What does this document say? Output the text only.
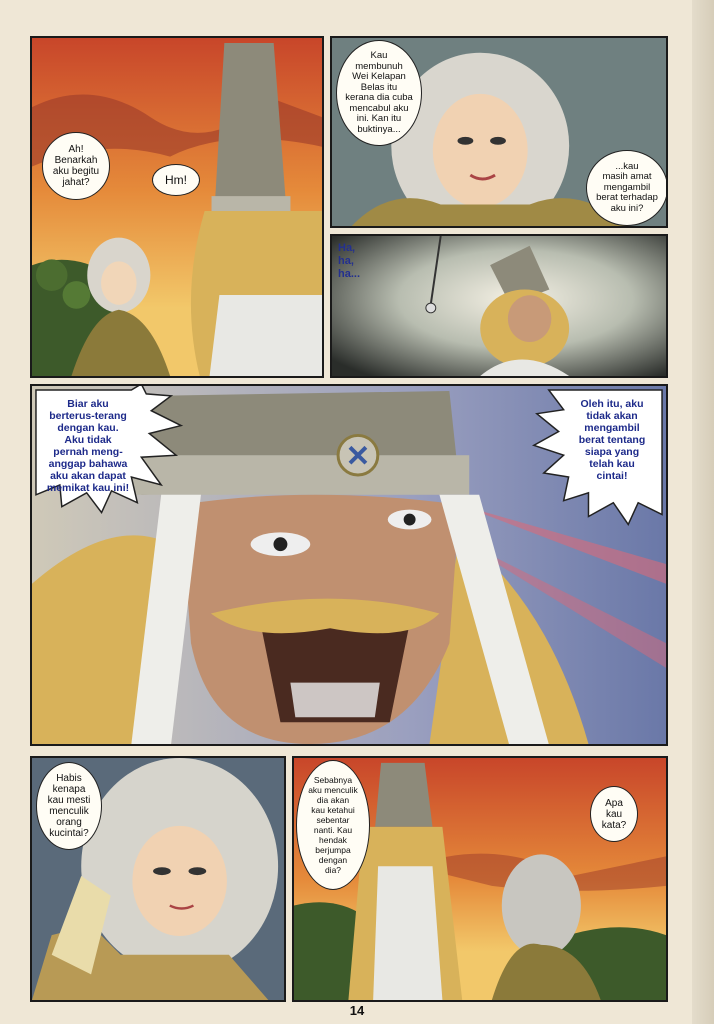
Ah!
Benarkah
aku begitu
jahat?	Hm!
Kau
membunuh
Wei Kelapan
Belas itu
kerana dia cuba
mencabul aku
ini. Kan itu
buktinya...
...kau
masih amat
mengambil
berat terhadap
aku ini?
Ha,
ha,
ha...
Biar aku
berterus-terang
dengan kau.
Aku tidak
pernah meng-
anggap bahawa
aku akan dapat
memikat kau ini!
Oleh itu, aku
tidak akan
mengambil
berat tentang
siapa yang
telah kau
cintai!
Habis
kenapa
kau mesti
menculik
orang
kucintai?
Sebabnya
aku menculik
dia akan
kau ketahui
sebentar
nanti. Kau
hendak
berjumpa
dengan
dia?
Apa
kau
kata?
14
